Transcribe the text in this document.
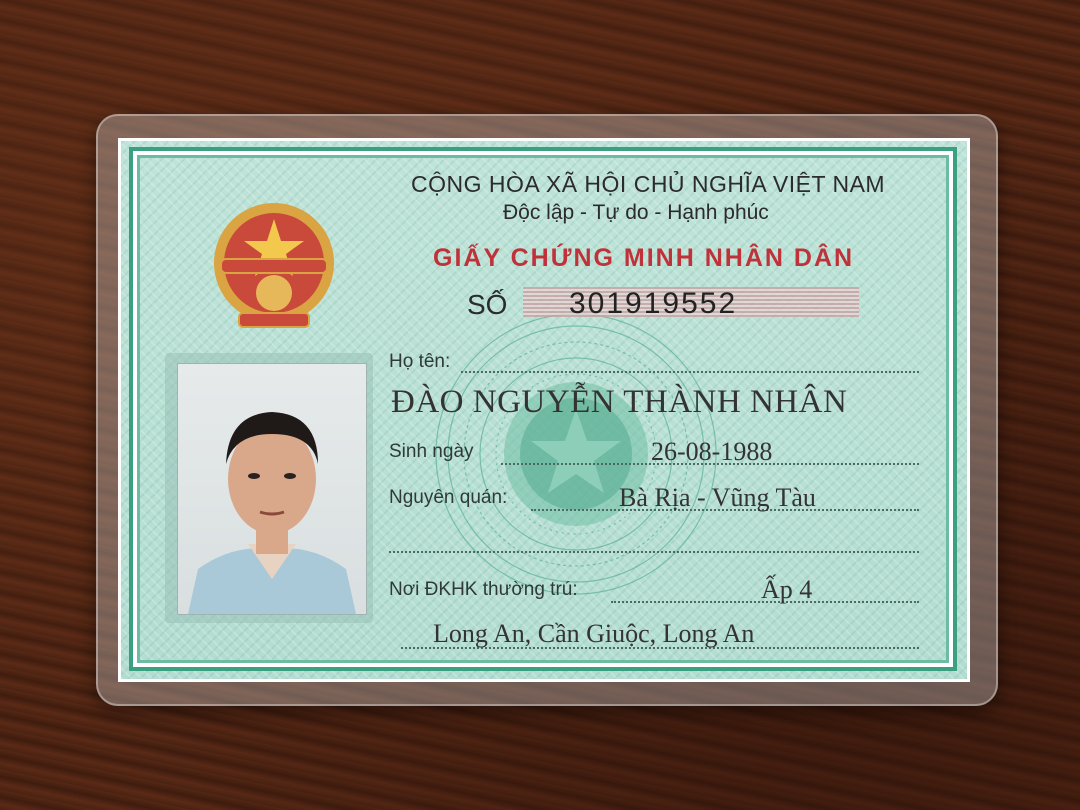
CỘNG HÒA XÃ HỘI CHỦ NGHĨA VIỆT NAM
Độc lập - Tự do - Hạnh phúc
GIẤY CHỨNG MINH NHÂN DÂN
SỐ 301919552
Họ tên:
ĐÀO NGUYỄN THÀNH NHÂN
Sinh ngày	26-08-1988
Nguyên quán:	Bà Rịa - Vũng Tàu
Nơi ĐKHK thường trú:	Ấp 4
Long An, Cần Giuộc, Long An
